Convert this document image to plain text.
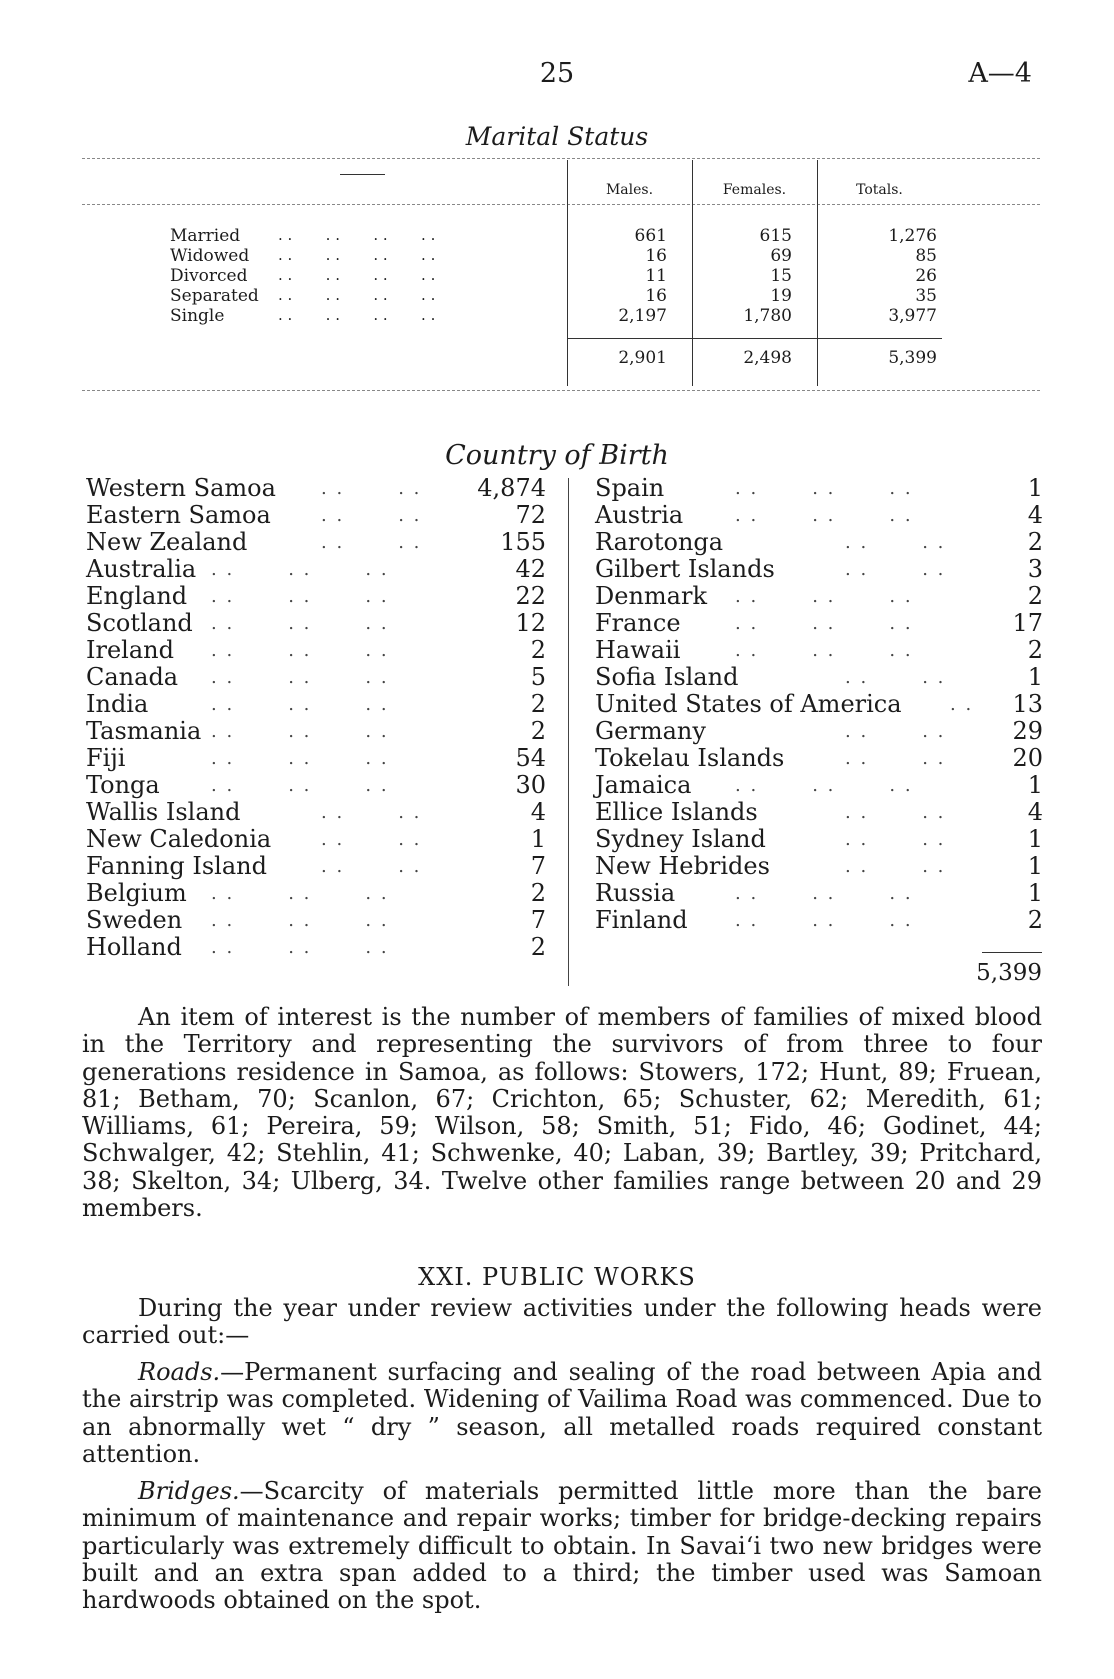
25	A—4
Marital Status
Males.	Females.	Totals.
Married	. .       . .       . .       . .	661	615	1,276
Widowed . .       . .       . .       . .	16	69	85
Divorced . .       . .       . .       . .	11	15	26
Separated . .       . .       . .       . .	16	19	35
Single	. .       . .       . .       . .	2,197	1,780	3,977
2,901	2,498	5,399
Country of Birth
Western Samoa	. .       . . 4,874
Eastern Samoa	. .       . .	72
New Zealand	. .       . .	155
Australia . .       . .       . .	42
England . .       . .       . .	22
Scotland . .       . .       . .	12
Ireland . .       . .       . .	2
Canada . .       . .       . .	5
India	. .       . .       . .	2
Tasmania . .       . .       . .	2
Fiji	. .       . .       . .	54
Tonga	. .       . .       . .	30
Wallis Island	. .       . .	4
New Caledonia	. .       . .	1
Fanning Island	. .       . .	7
Belgium . .       . .       . .	2
Sweden . .       . .       . .	7
Holland . .       . .       . .	2
Spain	. .       . .       . .	1
Austria	. .       . .       . .	4
Rarotonga	. .       . .	2
Gilbert Islands	. .       . .	3
Denmark . .       . .       . .	2
France	. .       . .       . .	17
Hawaii	. .       . .       . .	2
Sofia Island	. .       . .	1
United States of America	. . 13
Germany	. .       . .	29
Tokelau Islands	. .       . .	20
Jamaica . .       . .       . .	1
Ellice Islands	. .       . .	4
Sydney Island	. .       . .	1
New Hebrides	. .       . .	1
Russia	. .       . .       . .	1
Finland	. .       . .       . .	2
5,399
An item of interest is the number of members of families of mixed blood in the Territory and representing the survivors of from three to four generations residence in Samoa, as follows: Stowers, 172; Hunt, 89; Fruean, 81; Betham, 70; Scanlon, 67; Crichton, 65; Schuster, 62; Meredith, 61; Williams, 61; Pereira, 59; Wilson, 58; Smith, 51; Fido, 46; Godinet, 44; Schwalger, 42; Stehlin, 41; Schwenke, 40; Laban, 39; Bartley, 39; Pritchard, 38; Skelton, 34; Ulberg, 34. Twelve other families range between 20 and 29 members.
XXI. PUBLIC WORKS
During the year under review activities under the following heads were carried out:—
Roads.—Permanent surfacing and sealing of the road between Apia and the airstrip was completed. Widening of Vailima Road was commenced. Due to an abnormally wet “ dry ” season, all metalled roads required constant attention.
Bridges.—Scarcity of materials permitted little more than the bare minimum of maintenance and repair works; timber for bridge-decking repairs particularly was extremely difficult to obtain. In Savai‘i two new bridges were built and an extra span added to a third; the timber used was Samoan hardwoods obtained on the spot.
